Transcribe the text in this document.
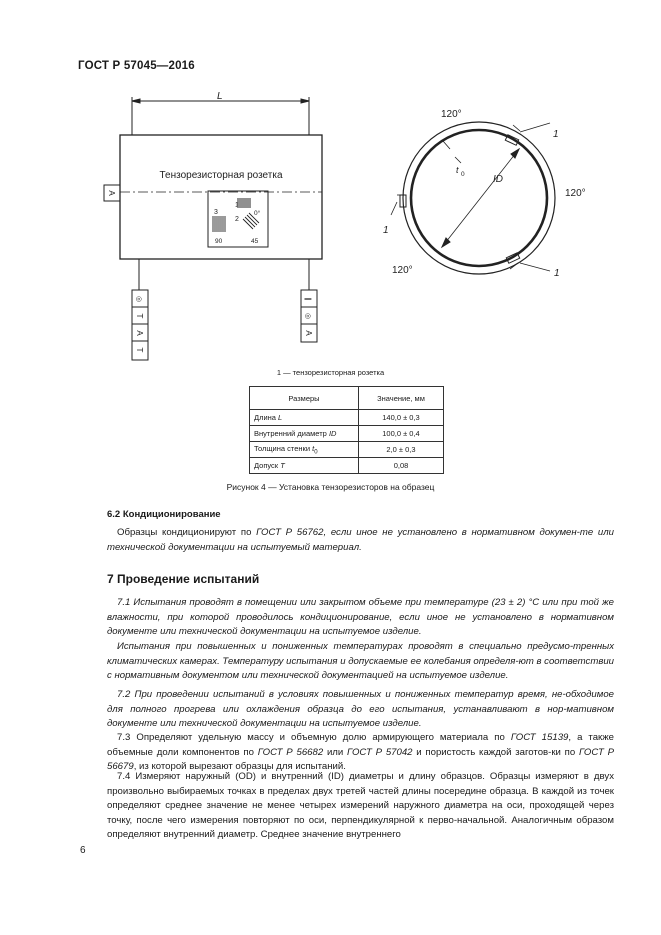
ГОСТ Р 57045—2016
L
Тензорезисторная розетка
1
2
3	0°
45
90
A
◎
T
A
T
∥
◎
A
120°
120°
120°
1
1
1
ID
t 0
1 — тензорезисторная розетка
Размеры	Значение, мм
Длина L	140,0 ± 0,3
Внутренний диаметр ID	100,0 ± 0,4
Толщина стенки $t_0$	2,0 ± 0,3
Допуск T	0,08
Рисунок 4 — Установка тензорезисторов на образец
6.2 Кондиционирование
Образцы кондиционируют по ГОСТ Р 56762, если иное не установлено в нормативном докумен-те или технической документации на испытуемый материал.
7 Проведение испытаний
7.1 Испытания проводят в помещении или закрытом объеме при температуре (23 ± 2) °С или при той же влажности, при которой проводилось кондиционирование, если иное не установлено в нормативном документе или технической документации на испытуемое изделие.
Испытания при повышенных и пониженных температурах проводят в специально предусмо-тренных климатических камерах. Температуру испытания и допускаемые ее колебания определя-ют в соответствии с нормативным документом или технической документацией на испытуемое изделие.
7.2 При проведении испытаний в условиях повышенных и пониженных температур время, не-обходимое для полного прогрева или охлаждения образца до его испытания, устанавливают в нор-мативном документе или технической документации на испытуемое изделие.
7.3 Определяют удельную массу и объемную долю армирующего материала по ГОСТ 15139, а также объемные доли компонентов по ГОСТ Р 56682 или ГОСТ Р 57042 и пористость каждой заготов-ки по ГОСТ Р 56679, из которой вырезают образцы для испытаний.
7.4 Измеряют наружный (OD) и внутренний (ID) диаметры и длину образцов. Образцы измеряют в двух произвольно выбираемых точках в пределах двух третей частей длины посередине образца. В каждой из точек определяют среднее значение не менее четырех измерений наружного диаметра на оси, проходящей через точку, после чего измерения повторяют по оси, перпендикулярной к перво-начальной. Аналогичным образом определяют внутренний диаметр. Среднее значение внутреннего
6
